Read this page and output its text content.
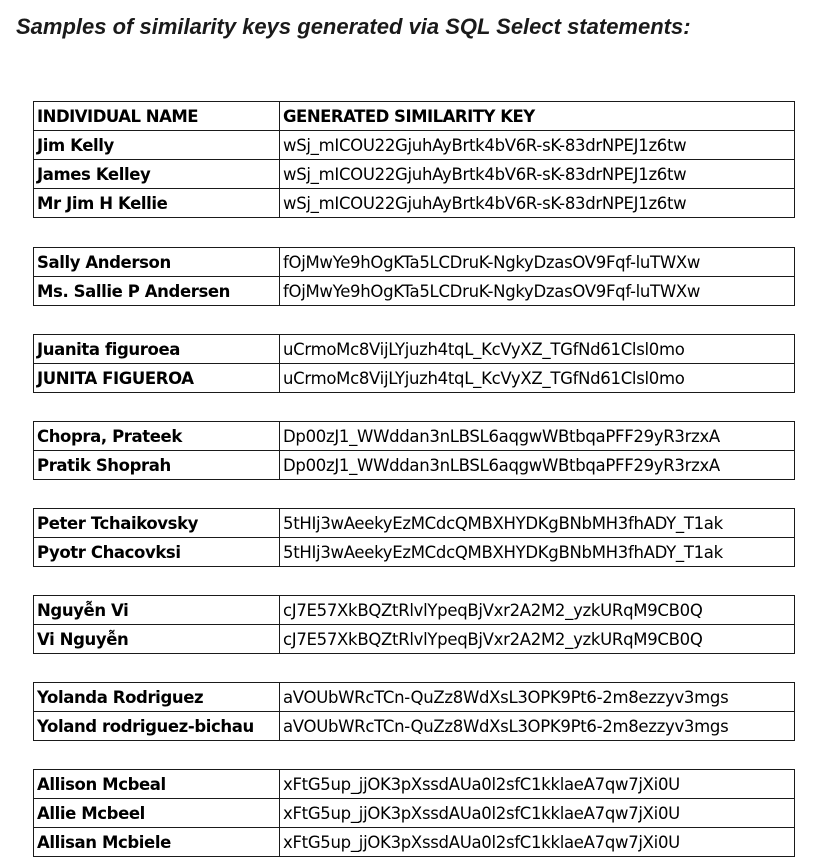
Samples of similarity keys generated via SQL Select statements:
INDIVIDUAL NAME	GENERATED SIMILARITY KEY
Jim Kelly	wSj_mICOU22GjuhAyBrtk4bV6R-sK-83drNPEJ1z6tw
James Kelley	wSj_mICOU22GjuhAyBrtk4bV6R-sK-83drNPEJ1z6tw
Mr Jim H Kellie	wSj_mICOU22GjuhAyBrtk4bV6R-sK-83drNPEJ1z6tw
Sally Anderson	fOjMwYe9hOgKTa5LCDruK-NgkyDzasOV9Fqf-luTWXw
Ms. Sallie P Andersen	fOjMwYe9hOgKTa5LCDruK-NgkyDzasOV9Fqf-luTWXw
Juanita figuroea	uCrmoMc8VijLYjuzh4tqL_KcVyXZ_TGfNd61Clsl0mo
JUNITA FIGUEROA	uCrmoMc8VijLYjuzh4tqL_KcVyXZ_TGfNd61Clsl0mo
Chopra, Prateek	Dp00zJ1_WWddan3nLBSL6aqgwWBtbqaPFF29yR3rzxA
Pratik Shoprah	Dp00zJ1_WWddan3nLBSL6aqgwWBtbqaPFF29yR3rzxA
Peter Tchaikovsky	5tHIj3wAeekyEzMCdcQMBXHYDKgBNbMH3fhADY_T1ak
Pyotr Chacovksi	5tHIj3wAeekyEzMCdcQMBXHYDKgBNbMH3fhADY_T1ak
Nguyễn Vi	cJ7E57XkBQZtRlvlYpeqBjVxr2A2M2_yzkURqM9CB0Q
Vi Nguyễn	cJ7E57XkBQZtRlvlYpeqBjVxr2A2M2_yzkURqM9CB0Q
Yolanda Rodriguez	aVOUbWRcTCn-QuZz8WdXsL3OPK9Pt6-2m8ezzyv3mgs
Yoland rodriguez-bichau	aVOUbWRcTCn-QuZz8WdXsL3OPK9Pt6-2m8ezzyv3mgs
Allison Mcbeal	xFtG5up_jjOK3pXssdAUa0l2sfC1kklaeA7qw7jXi0U
Allie Mcbeel	xFtG5up_jjOK3pXssdAUa0l2sfC1kklaeA7qw7jXi0U
Allisan Mcbiele	xFtG5up_jjOK3pXssdAUa0l2sfC1kklaeA7qw7jXi0U
